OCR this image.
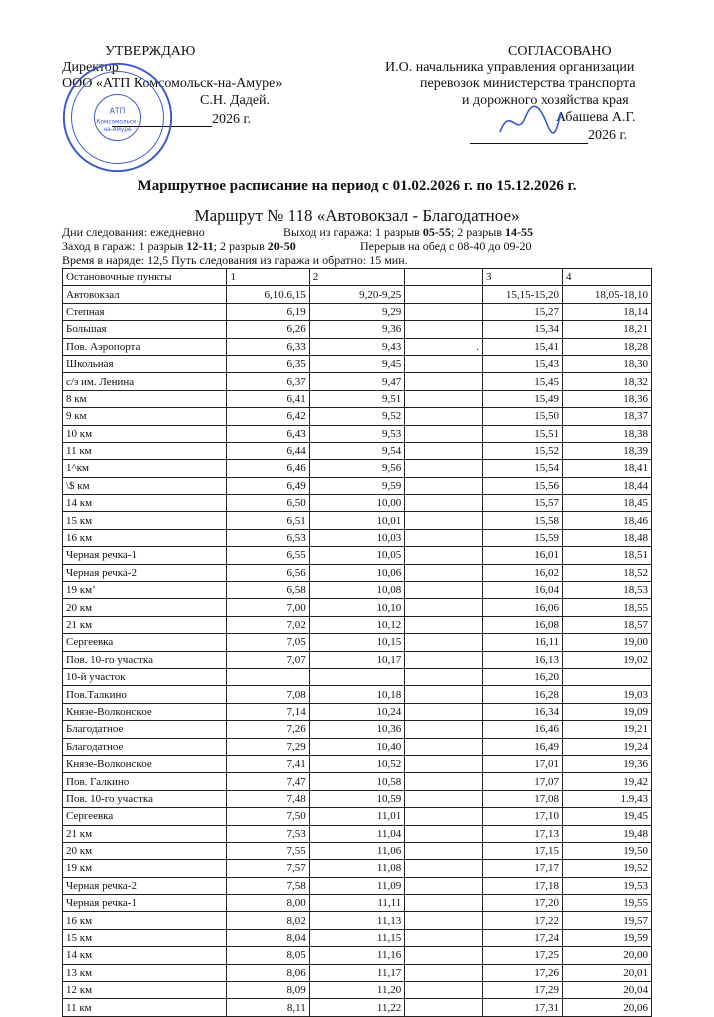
УТВЕРЖДАЮ
Директор
ООО «АТП Комсомольск-на-Амуре»
С.Н. Дадей.
2026 г.
АТП
Комсомольск-
на-Амуре
СОГЛАСОВАНО
И.О. начальника управления организации
перевозок министерства транспорта
и дорожного хозяйства края
Абашева А.Г.
2026 г.
Маршрутное расписание на период с 01.02.2026 г. по 15.12.2026 г.
Маршрут № 118 «Автовокзал - Благодатное»
Дни следования: ежедневно	Выход из гаража: 1 разрыв 05-55; 2 разрыв 14-55
Заход в гараж: 1 разрыв 12-11; 2 разрыв 20-50	Перерыв на обед с 08-40 до 09-20
Время в наряде: 12,5 Путь следования из гаража и обратно: 15 мин.
Остановочные пункты	1	2		3	4
Автовокзал	6,10.6,15	9,20-9,25		15,15-15,20	18,05-18,10
Степная	6,19	9,29		15,27	18,14
Большая	6,26	9,36		15,34	18,21
Пов. Аэропорта	6,33	9,43	.	15,41	18,28
Школьная	6,35	9,45		15,43	18,30
с/з им. Ленина	6,37	9,47		15,45	18,32
8 км	6,41	9,51		15,49	18,36
9 км	6,42	9,52		15,50	18,37
10 км	6,43	9,53		15,51	18,38
11 км	6,44	9,54		15,52	18,39
1^км	6,46	9,56		15,54	18,41
\$ км	6,49	9,59		15,56	18,44
14 км	6,50	10,00		15,57	18,45
15 км	6,51	10,01		15,58	18,46
16 км	6,53	10,03		15,59	18,48
Черная речка-1	6,55	10,05		16,01	18,51
Черная речка-2	6,56	10,06		16,02	18,52
19 км’	6,58	10,08		16,04	18,53
20 км	7,00	10,10		16,06	18,55
21 км	7,02	10,12		16,08	18,57
Сергеевка	7,05	10,15		16,11	19,00
Пов. 10-го участка	7,07	10,17		16,13	19,02
10-й участок				16,20	
Пов.Талкино	7,08	10,18		16,28	19,03
Князе-Волконское	7,14	10,24		16,34	19,09
Благодатное	7,26	10,36		16,46	19,21
Благодатное	7,29	10,40		16,49	19,24
Князе-Волконское	7,41	10,52		17,01	19,36
Пов. Галкино	7,47	10,58		17,07	19,42
Пов. 10-го участка	7,48	10,59		17,08	1.9,43
Сергеевка	7,50	11,01		17,10	19,45
21 км	7,53	11,04		17,13	19,48
20 км	7,55	11,06		17,15	19,50
19 км	7,57	11,08		17,17	19,52
Черная речка-2	7,58	11,09		17,18	19,53
Черная речка-1	8,00	11,11		17,20	19,55
16 км	8,02	11,13		17,22	19,57
15 км	8,04	11,15		17,24	19,59
14 км	8,05	11,16		17,25	20,00
13 км	8,06	11,17		17,26	20,01
12 км	8,09	11,20		17,29	20,04
11 км	8,11	11,22		17,31	20,06
